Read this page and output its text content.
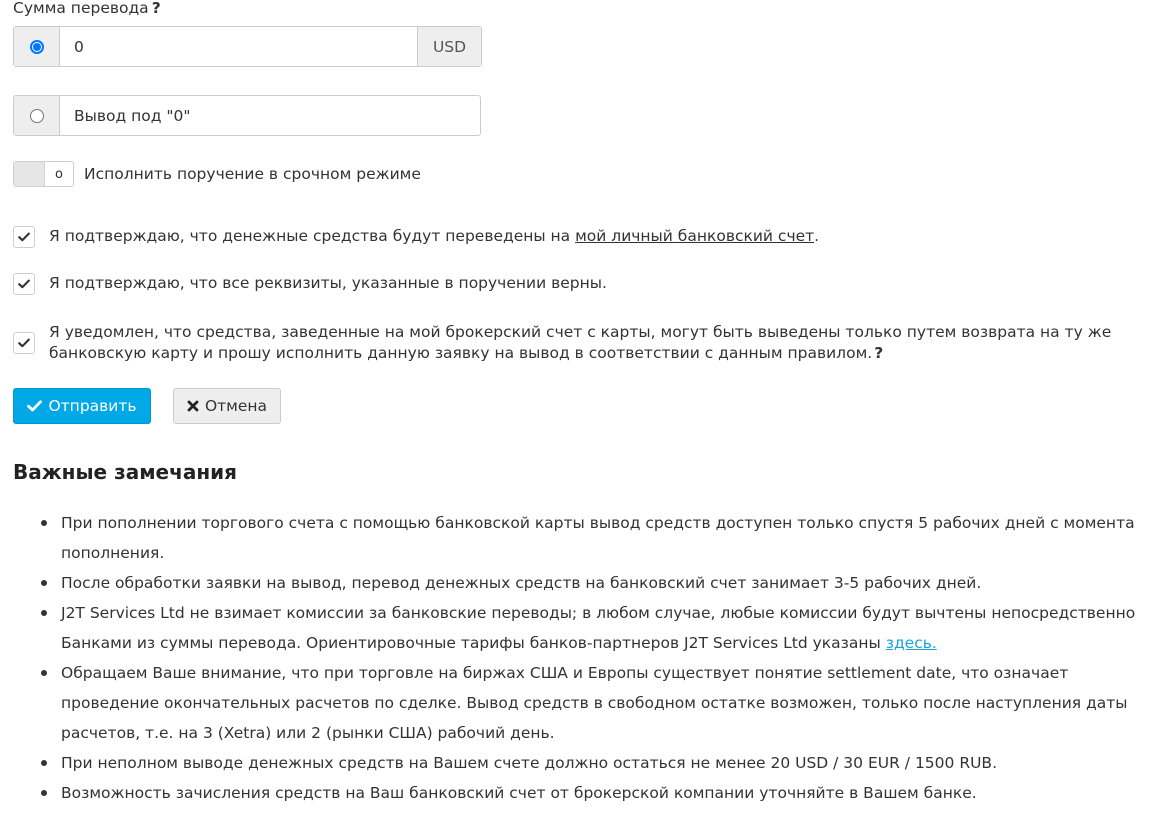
Сумма перевода ?
0
USD
Вывод под "0"
o	Исполнить поручение в срочном режиме
Я подтверждаю, что денежные средства будут переведены на мой личный банковский счет.
Я подтверждаю, что все реквизиты, указанные в поручении верны.
Я уведомлен, что средства, заведенные на мой брокерский счет с карты, могут быть выведены только путем возврата на ту же банковскую карту и прошу исполнить данную заявку на вывод в соответствии с данным правилом. ?
Отправить	Отмена
Важные замечания
При пополнении торгового счета с помощью банковской карты вывод средств доступен только спустя 5 рабочих дней с момента пополнения.
После обработки заявки на вывод, перевод денежных средств на банковский счет занимает 3-5 рабочих дней.
J2T Services Ltd не взимает комиссии за банковские переводы; в любом случае, любые комиссии будут вычтены непосредственно Банками из суммы перевода. Ориентировочные тарифы банков-партнеров J2T Services Ltd указаны здесь.
Обращаем Ваше внимание, что при торговле на биржах США и Европы существует понятие settlement date, что означает проведение окончательных расчетов по сделке. Вывод средств в свободном остатке возможен, только после наступления даты расчетов, т.е. на 3 (Xetra) или 2 (рынки США) рабочий день.
При неполном выводе денежных средств на Вашем счете должно остаться не менее 20 USD / 30 EUR / 1500 RUB.
Возможность зачисления средств на Ваш банковский счет от брокерской компании уточняйте в Вашем банке.
